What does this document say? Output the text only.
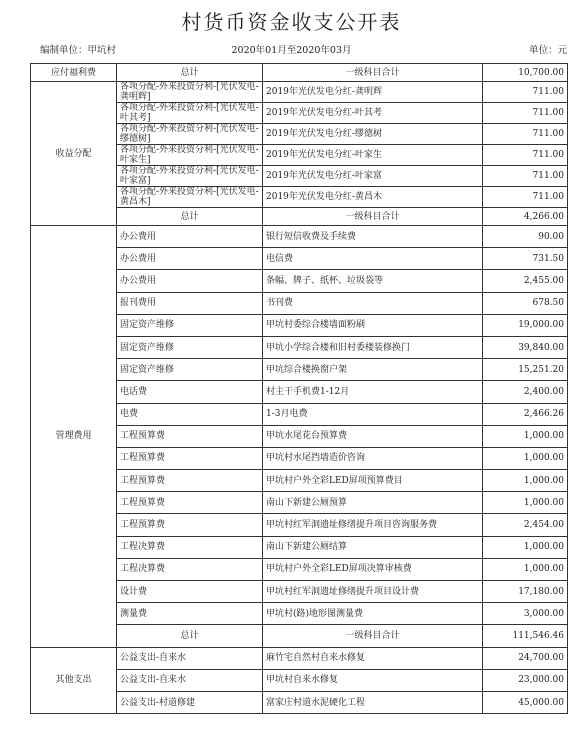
村货币资金收支公开表
编制单位：甲坑村	2020年01月至2020年03月	单位：元
应付福利费	总计	一级科目合计	10,700.00
收益分配	各项分配-外来投资分利-[光伏发电-龚明辉]	2019年光伏发电分红-龚明辉	711.00
	各项分配-外来投资分利-[光伏发电-叶其考]	2019年光伏发电分红-叶其考	711.00
	各项分配-外来投资分利-[光伏发电-缪德树]	2019年光伏发电分红-缪德树	711.00
	各项分配-外来投资分利-[光伏发电-叶家生]	2019年光伏发电分红-叶家生	711.00
	各项分配-外来投资分利-[光伏发电-叶家富]	2019年光伏发电分红-叶家富	711.00
	各项分配-外来投资分利-[光伏发电-黄昌木]	2019年光伏发电分红-黄昌木	711.00
	总计	一级科目合计	4,266.00
管理费用	办公费用	银行短信收费及手续费	90.00
	办公费用	电信费	731.50
	办公费用	条幅、牌子、纸杯、垃圾袋等	2,455.00
	报刊费用	书刊费	678.50
	固定资产维修	甲坑村委综合楼墙面粉刷	19,000.00
	固定资产维修	甲坑小学综合楼和旧村委楼装修换门	39,840.00
	固定资产维修	甲坑综合楼换窗户架	15,251.20
	电话费	村主干手机费1-12月	2,400.00
	电费	1-3月电费	2,466.26
	工程预算费	甲坑水尾花台预算费	1,000.00
	工程预算费	甲坑村水尾挡墙造价咨询	1,000.00
	工程预算费	甲坑村户外全彩LED屏项预算费目	1,000.00
	工程预算费	南山下新建公厕预算	1,000.00
	工程预算费	甲坑村红军洞遗址修缮提升项目咨询服务费	2,454.00
	工程决算费	南山下新建公厕结算	1,000.00
	工程决算费	甲坑村户外全彩LED屏项决算审核费	1,000.00
	设计费	甲坑村红军洞遗址修缮提升项目设计费	17,180.00
	测量费	甲坑村(路)地形图测量费	3,000.00
	总计	一级科目合计	111,546.46
其他支出	公益支出-自来水	麻竹宅自然村自来水修复	24,700.00
	公益支出-自来水	甲坑村自来水修复	23,000.00
	公益支出-村道修建	富家庄村道水泥硬化工程	45,000.00
